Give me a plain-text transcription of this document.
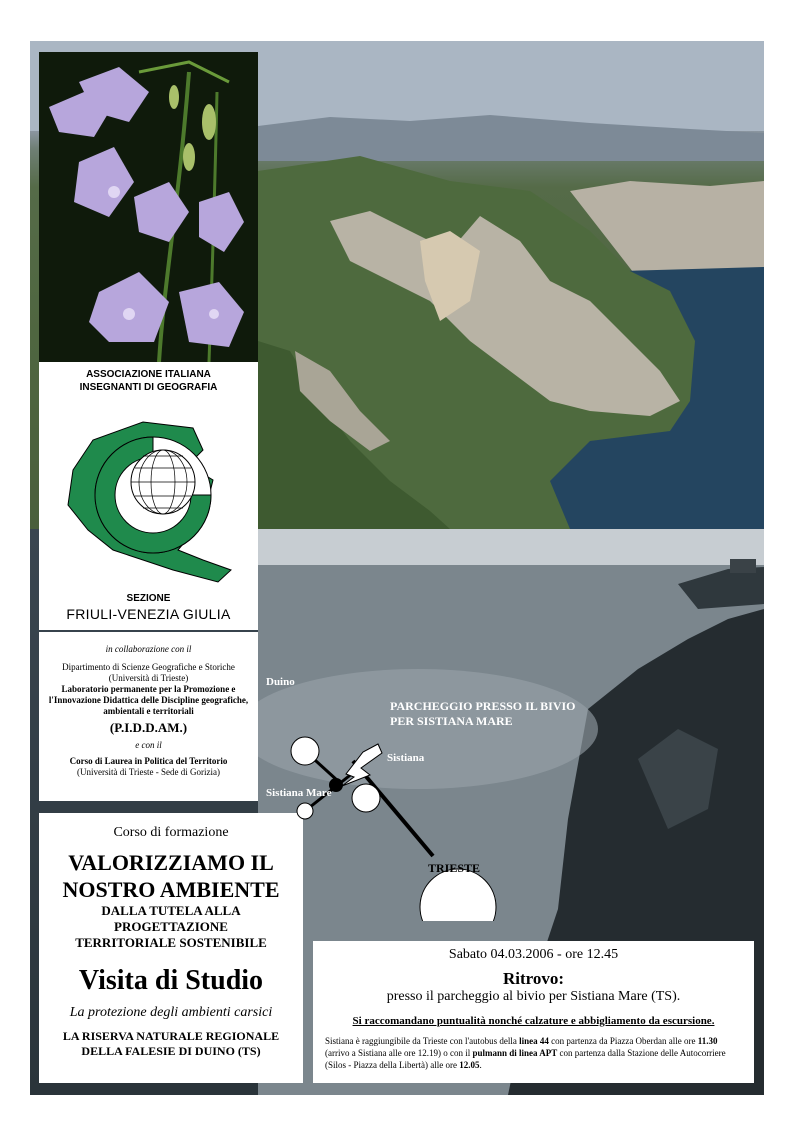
ASSOCIAZIONE ITALIANA INSEGNANTI DI GEOGRAFIA
SEZIONE
FRIULI-VENEZIA GIULIA
in collaborazione con il
Dipartimento di Scienze Geografiche e Storiche
(Università di Trieste)
Laboratorio permanente per la Promozione e l'Innovazione Didattica delle Discipline geografiche, ambientali e territoriali
(P.I.D.D.AM.)
e con il
Corso di Laurea in Politica del Territorio
(Università di Trieste - Sede di Gorizia)
Corso di formazione
VALORIZZIAMO IL NOSTRO AMBIENTE
DALLA TUTELA ALLA PROGETTAZIONE TERRITORIALE SOSTENIBILE
Visita di Studio
La protezione degli ambienti carsici
LA RISERVA NATURALE REGIONALE DELLA FALESIE DI DUINO (TS)
Duino
Sistiana
Sistiana Mare
TRIESTE
PARCHEGGIO PRESSO IL BIVIO PER SISTIANA MARE
Sabato 04.03.2006 - ore 12.45
Ritrovo:
presso il parcheggio al bivio per Sistiana Mare (TS).
Si raccomandano puntualità nonché calzature e abbigliamento da escursione.
Sistiana è raggiungibile da Trieste con l'autobus della linea 44 con partenza da Piazza Oberdan alle ore 11.30 (arrivo a Sistiana alle ore 12.19) o con il pulmann di linea APT con partenza dalla Stazione delle Autocorriere (Silos - Piazza della Libertà) alle ore 12.05.
